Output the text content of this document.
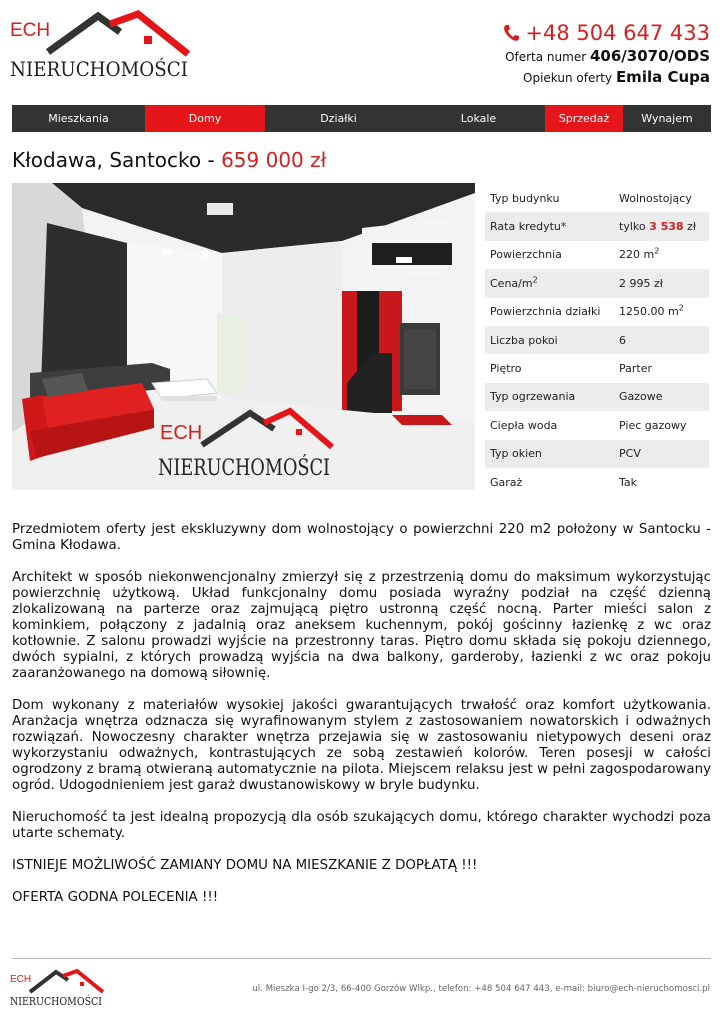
ECH
NIERUCHOMOŚCI
+48 504 647 433
Oferta numer 406/3070/ODS
Opiekun oferty Emila Cupa
Mieszkania	Domy	Działki	Lokale	Sprzedaż	Wynajem
Kłodawa, Santocko - 659 000 zł
ECH
NIERUCHOMOŚCI
Typ budynku	Wolnostojący
Rata kredytu*	tylko 3 538 zł
Powierzchnia	220 $m^2$
Cena/$m^2$	2 995 zł
Powierzchnia działki	1250.00 $m^2$
Liczba pokoi	6
Piętro	Parter
Typ ogrzewania	Gazowe
Ciepła woda	Piec gazowy
Typ okien	PCV
Garaż	Tak

Przedmiotem oferty jest ekskluzywny dom wolnostojący o powierzchni 220 m2 położony w Santocku - Gmina Kłodawa.

Architekt w sposób niekonwencjonalny zmierzył się z przestrzenią domu do maksimum wykorzystując powierzchnię użytkową. Układ funkcjonalny domu posiada wyraźny podział na część dzienną zlokalizowaną na parterze oraz zajmującą piętro ustronną część nocną. Parter mieści salon z kominkiem, połączony z jadalnią oraz aneksem kuchennym, pokój gościnny łazienkę z wc oraz kotłownie. Z salonu prowadzi wyjście na przestronny taras. Piętro domu składa się pokoju dziennego, dwóch sypialni, z których prowadzą wyjścia na dwa balkony, garderoby, łazienki z wc oraz pokoju zaaranżowanego na domową siłownię.

Dom wykonany z materiałów wysokiej jakości gwarantujących trwałość oraz komfort użytkowania. Aranżacja wnętrza odznacza się wyrafinowanym stylem z zastosowaniem nowatorskich i odważnych rozwiązań. Nowoczesny charakter wnętrza przejawia się w zastosowaniu nietypowych deseni oraz wykorzystaniu odważnych, kontrastujących ze sobą zestawień kolorów. Teren posesji w całości ogrodzony z bramą otwieraną automatycznie na pilota. Miejscem relaksu jest w pełni zagospodarowany ogród. Udogodnieniem jest garaż dwustanowiskowy w bryle budynku.

Nieruchomość ta jest idealną propozycją dla osób szukających domu, którego charakter wychodzi poza utarte schematy.

ISTNIEJE MOŻLIWOŚĆ ZAMIANY DOMU NA MIESZKANIE Z DOPŁATĄ !!!

OFERTA GODNA POLECENIA !!!

ECH
NIERUCHOMOŚCI
ul. Mieszka I-go 2/3, 66-400 Gorzów Wlkp., telefon: +48 504 647 443, e-mail: biuro@ech-nieruchomosci.pl
